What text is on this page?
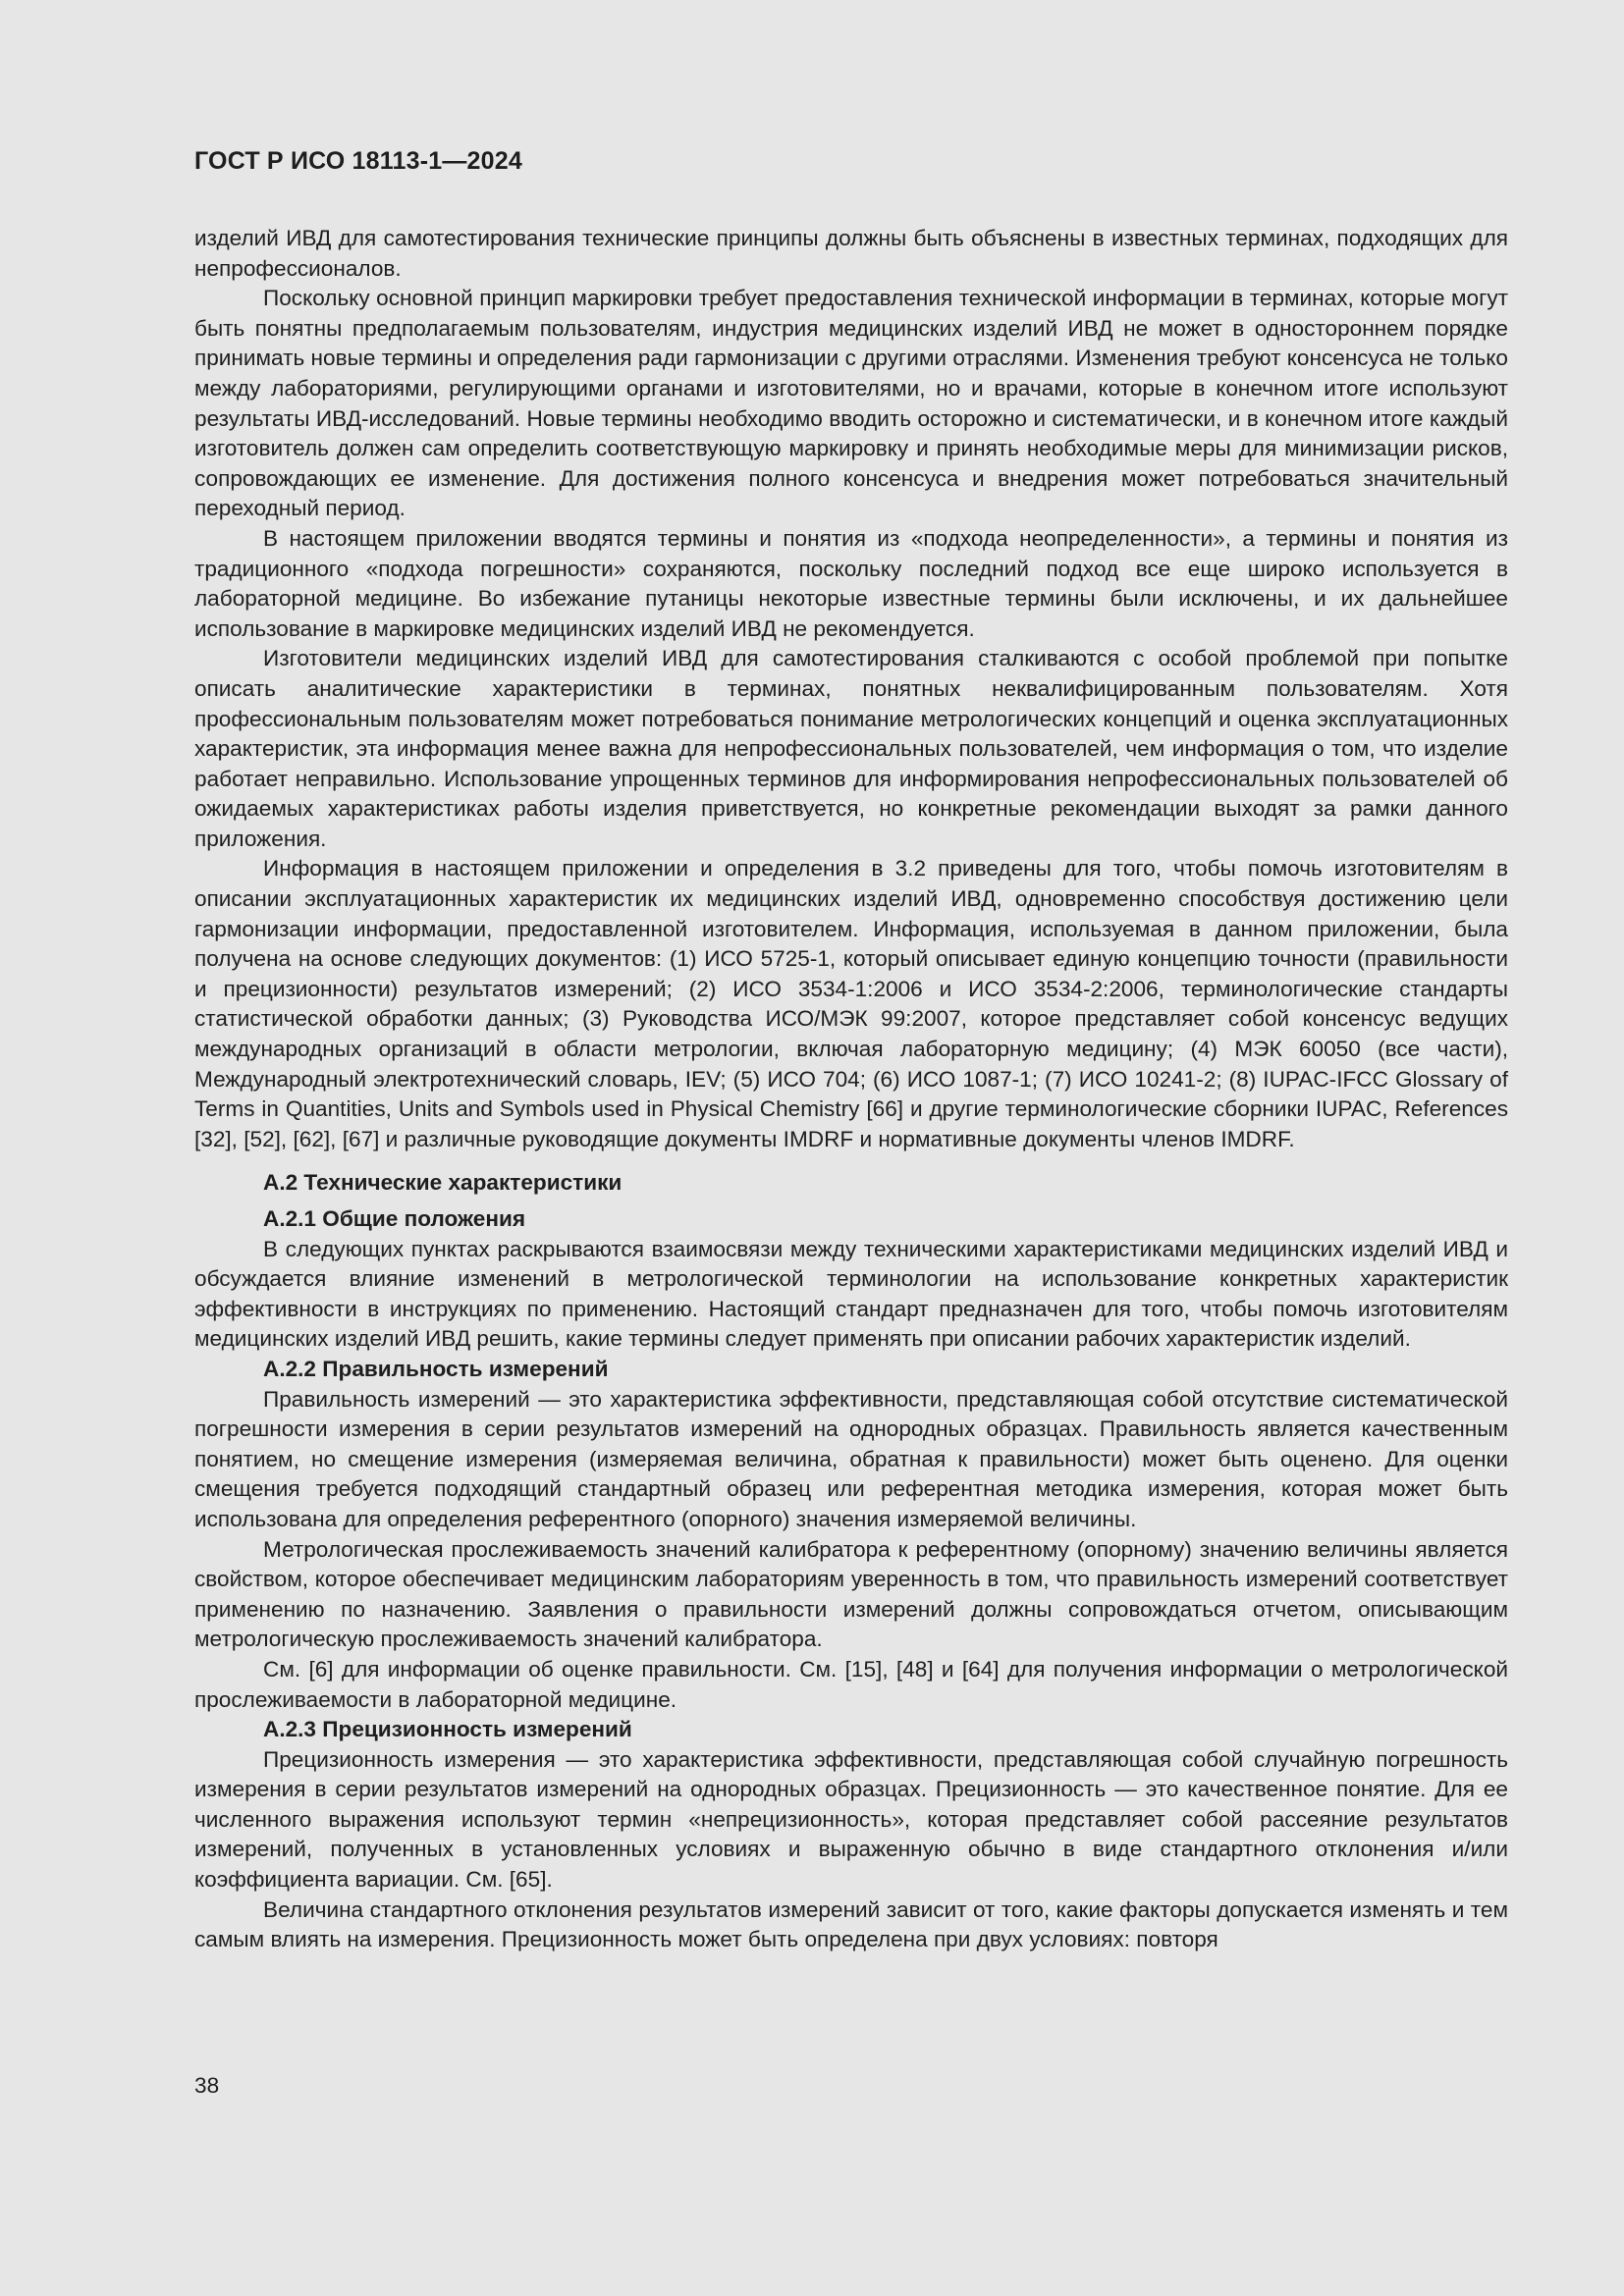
ГОСТ Р ИСО 18113-1—2024

изделий ИВД для самотестирования технические принципы должны быть объяснены в известных терминах, подходящих для непрофессионалов.

Поскольку основной принцип маркировки требует предоставления технической информации в терминах, которые могут быть понятны предполагаемым пользователям, индустрия медицинских изделий ИВД не может в одностороннем порядке принимать новые термины и определения ради гармонизации с другими отраслями. Изменения требуют консенсуса не только между лабораториями, регулирующими органами и изготовителями, но и врачами, которые в конечном итоге используют результаты ИВД-исследований. Новые термины необходимо вводить осторожно и систематически, и в конечном итоге каждый изготовитель должен сам определить соответствующую маркировку и принять необходимые меры для минимизации рисков, сопровождающих ее изменение. Для достижения полного консенсуса и внедрения может потребоваться значительный переходный период.

В настоящем приложении вводятся термины и понятия из «подхода неопределенности», а термины и понятия из традиционного «подхода погрешности» сохраняются, поскольку последний подход все еще широко используется в лабораторной медицине. Во избежание путаницы некоторые известные термины были исключены, и их дальнейшее использование в маркировке медицинских изделий ИВД не рекомендуется.

Изготовители медицинских изделий ИВД для самотестирования сталкиваются с особой проблемой при попытке описать аналитические характеристики в терминах, понятных неквалифицированным пользователям. Хотя профессиональным пользователям может потребоваться понимание метрологических концепций и оценка эксплуатационных характеристик, эта информация менее важна для непрофессиональных пользователей, чем информация о том, что изделие работает неправильно. Использование упрощенных терминов для информирования непрофессиональных пользователей об ожидаемых характеристиках работы изделия приветствуется, но конкретные рекомендации выходят за рамки данного приложения.

Информация в настоящем приложении и определения в 3.2 приведены для того, чтобы помочь изготовителям в описании эксплуатационных характеристик их медицинских изделий ИВД, одновременно способствуя достижению цели гармонизации информации, предоставленной изготовителем. Информация, используемая в данном приложении, была получена на основе следующих документов: (1) ИСО 5725-1, который описывает единую концепцию точности (правильности и прецизионности) результатов измерений; (2) ИСО 3534-1:2006 и ИСО 3534-2:2006, терминологические стандарты статистической обработки данных; (3) Руководства ИСО/МЭК 99:2007, которое представляет собой консенсус ведущих международных организаций в области метрологии, включая лабораторную медицину; (4) МЭК 60050 (все части), Международный электротехнический словарь, IEV; (5) ИСО 704; (6) ИСО 1087-1; (7) ИСО 10241-2; (8) IUPAC-IFCC Glossary of Terms in Quantities, Units and Symbols used in Physical Chemistry [66] и другие терминологические сборники IUPAC, References [32], [52], [62], [67] и различные руководящие документы IMDRF и нормативные документы членов IMDRF.

А.2 Технические характеристики
А.2.1 Общие положения

В следующих пунктах раскрываются взаимосвязи между техническими характеристиками медицинских изделий ИВД и обсуждается влияние изменений в метрологической терминологии на использование конкретных характеристик эффективности в инструкциях по применению. Настоящий стандарт предназначен для того, чтобы помочь изготовителям медицинских изделий ИВД решить, какие термины следует применять при описании рабочих характеристик изделий.

А.2.2 Правильность измерений

Правильность измерений — это характеристика эффективности, представляющая собой отсутствие систематической погрешности измерения в серии результатов измерений на однородных образцах. Правильность является качественным понятием, но смещение измерения (измеряемая величина, обратная к правильности) может быть оценено. Для оценки смещения требуется подходящий стандартный образец или референтная методика измерения, которая может быть использована для определения референтного (опорного) значения измеряемой величины.

Метрологическая прослеживаемость значений калибратора к референтному (опорному) значению величины является свойством, которое обеспечивает медицинским лабораториям уверенность в том, что правильность измерений соответствует применению по назначению. Заявления о правильности измерений должны сопровождаться отчетом, описывающим метрологическую прослеживаемость значений калибратора.

См. [6] для информации об оценке правильности. См. [15], [48] и [64] для получения информации о метрологической прослеживаемости в лабораторной медицине.

А.2.3 Прецизионность измерений

Прецизионность измерения — это характеристика эффективности, представляющая собой случайную погрешность измерения в серии результатов измерений на однородных образцах. Прецизионность — это качественное понятие. Для ее численного выражения используют термин «непрецизионность», которая представляет собой рассеяние результатов измерений, полученных в установленных условиях и выраженную обычно в виде стандартного отклонения и/или коэффициента вариации. См. [65].

Величина стандартного отклонения результатов измерений зависит от того, какие факторы допускается изменять и тем самым влиять на измерения. Прецизионность может быть определена при двух условиях: повторя

38
